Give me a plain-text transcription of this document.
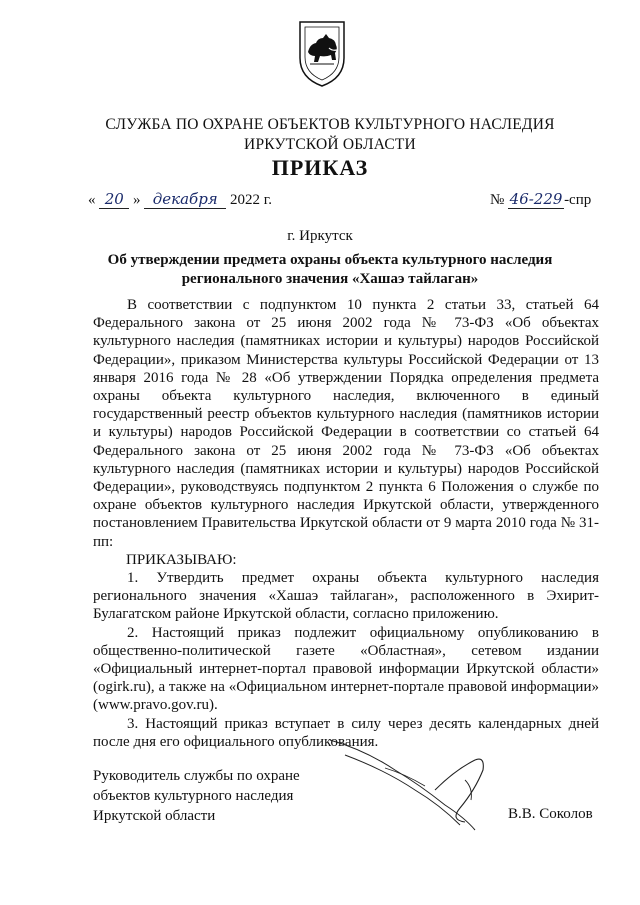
СЛУЖБА ПО ОХРАНЕ ОБЪЕКТОВ КУЛЬТУРНОГО НАСЛЕДИЯ
ИРКУТСКОЙ ОБЛАСТИ
ПРИКАЗ
« 20 » декабря 2022 г.	№ 46-229 -спр
г. Иркутск
Об утверждении предмета охраны объекта культурного наследия
регионального значения «Хашаэ тайлаган»

В соответствии с подпунктом 10 пункта 2 статьи 33, статьей 64 Федерального закона от 25 июня 2002 года № 73-ФЗ «Об объектах культурного наследия (памятниках истории и культуры) народов Российской Федерации», приказом Министерства культуры Российской Федерации от 13 января 2016 года № 28 «Об утверждении Порядка определения предмета охраны объекта культурного наследия, включенного в единый государственный реестр объектов культурного наследия (памятников истории и культуры) народов Российской Федерации в соответствии со статьей 64 Федерального закона от 25 июня 2002 года № 73-ФЗ «Об объектах культурного наследия (памятниках истории и культуры) народов Российской Федерации», руководствуясь подпунктом 2 пункта 6 Положения о службе по охране объектов культурного наследия Иркутской области, утвержденного постановлением Правительства Иркутской области от 9 марта 2010 года № 31-пп:

ПРИКАЗЫВАЮ:

1. Утвердить предмет охраны объекта культурного наследия регионального значения «Хашаэ тайлаган», расположенного в Эхирит-Булагатском районе Иркутской области, согласно приложению.

2. Настоящий приказ подлежит официальному опубликованию в общественно-политической газете «Областная», сетевом издании «Официальный интернет-портал правовой информации Иркутской области» (ogirk.ru), а также на «Официальном интернет-портале правовой информации» (www.pravo.gov.ru).

3. Настоящий приказ вступает в силу через десять календарных дней после дня его официального опубликования.

Руководитель службы по охране
объектов культурного наследия
Иркутской области	В.В. Соколов
